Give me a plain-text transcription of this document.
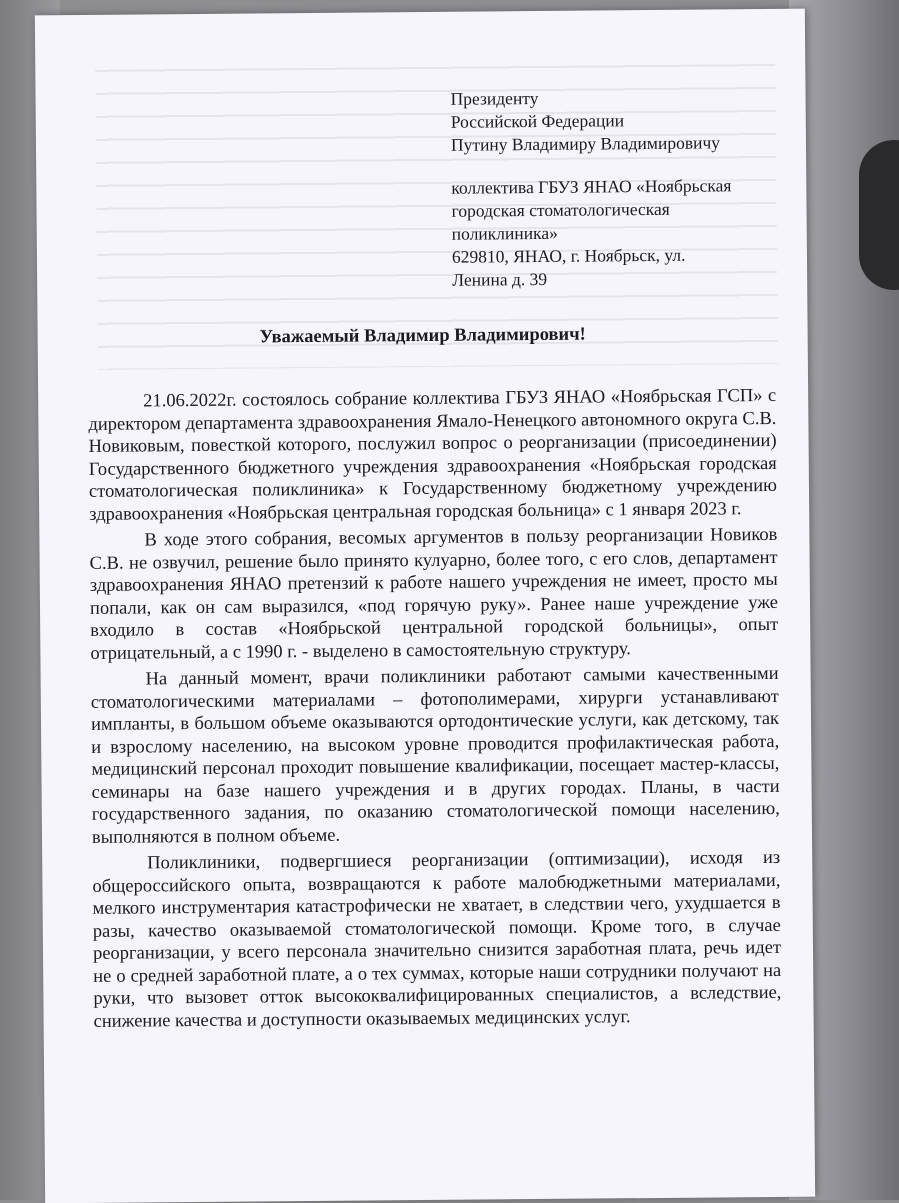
Президенту
Российской Федерации
Путину Владимиру Владимировичу
коллектива ГБУЗ ЯНАО «Ноябрьская
городская стоматологическая
поликлиника»
629810, ЯНАО, г. Ноябрьск, ул.
Ленина д. 39
Уважаемый Владимир Владимирович!

21.06.2022г. состоялось собрание коллектива ГБУЗ ЯНАО «Ноябрьская ГСП» с директором департамента здравоохранения Ямало-Ненецкого автономного округа С.В. Новиковым, повесткой которого, послужил вопрос о реорганизации (присоединении) Государственного бюджетного учреждения здравоохранения «Ноябрьская городская стоматологическая поликлиника» к Государственному бюджетному учреждению здравоохранения «Ноябрьская центральная городская больница» с 1 января 2023 г.

В ходе этого собрания, весомых аргументов в пользу реорганизации Новиков С.В. не озвучил, решение было принято кулуарно, более того, с его слов, департамент здравоохранения ЯНАО претензий к работе нашего учреждения не имеет, просто мы попали, как он сам выразился, «под горячую руку». Ранее наше учреждение уже входило в состав «Ноябрьской центральной городской больницы», опыт отрицательный, а с 1990 г. - выделено в самостоятельную структуру.

На данный момент, врачи поликлиники работают самыми качественными стоматологическими материалами – фотополимерами, хирурги устанавливают импланты, в большом объеме оказываются ортодонтические услуги, как детскому, так и взрослому населению, на высоком уровне проводится профилактическая работа, медицинский персонал проходит повышение квалификации, посещает мастер-классы, семинары на базе нашего учреждения и в других городах. Планы, в части государственного задания, по оказанию стоматологической помощи населению, выполняются в полном объеме.

Поликлиники, подвергшиеся реорганизации (оптимизации), исходя из общероссийского опыта, возвращаются к работе малобюджетными материалами, мелкого инструментария катастрофически не хватает, в следствии чего, ухудшается в разы, качество оказываемой стоматологической помощи. Кроме того, в случае реорганизации, у всего персонала значительно снизится заработная плата, речь идет не о средней заработной плате, а о тех суммах, которые наши сотрудники получают на руки, что вызовет отток высококвалифицированных специалистов, а вследствие, снижение качества и доступности оказываемых медицинских услуг.
